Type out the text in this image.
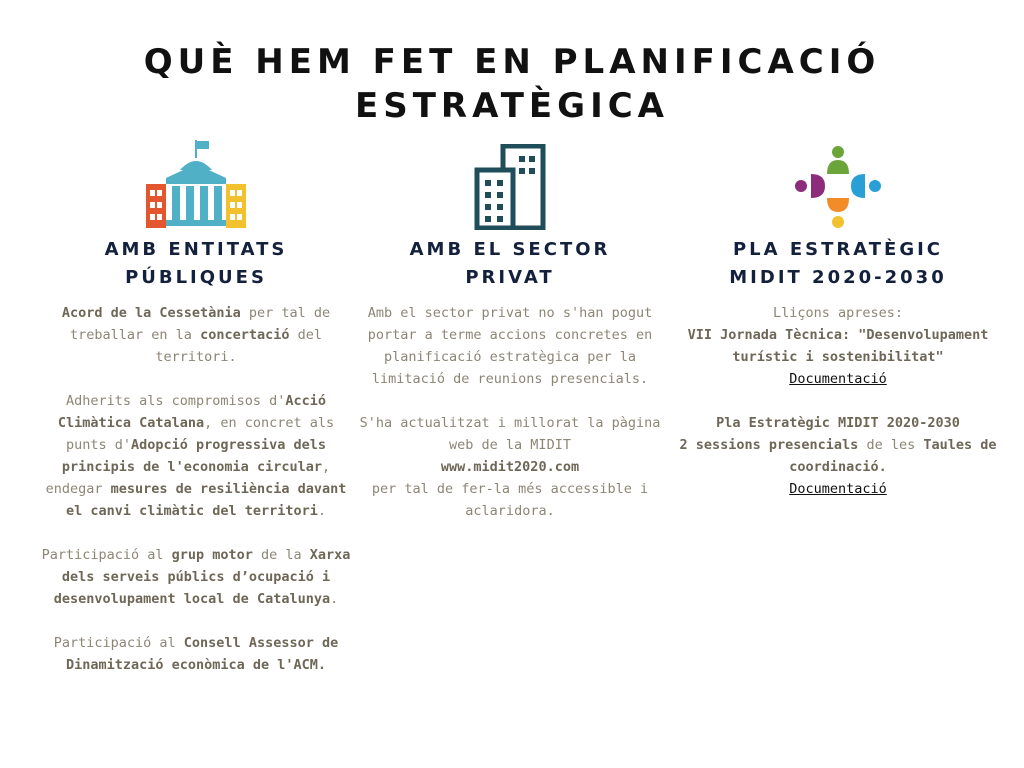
QUÈ HEM FET EN PLANIFICACIÓ
ESTRATÈGICA
AMB ENTITATS
PÚBLIQUES

Acord de la Cessetània per tal de treballar en la concertació del territori.

Adherits als compromisos d'Acció Climàtica Catalana, en concret als punts d'Adopció progressiva dels principis de l'economia circular, endegar mesures de resiliència davant el canvi climàtic del territori.

Participació al grup motor de la Xarxa dels serveis públics d’ocupació i desenvolupament local de Catalunya.

Participació al Consell Assessor de Dinamització econòmica de l'ACM.

AMB EL SECTOR
PRIVAT

Amb el sector privat no s'han pogut portar a terme accions concretes en planificació estratègica per la limitació de reunions presencials.

S'ha actualitzat i millorat la pàgina web de la MIDIT
www.midit2020.com
per tal de fer-la més accessible i aclaridora.

PLA ESTRATÈGIC
MIDIT 2020-2030

Lliçons apreses:
VII Jornada Tècnica: "Desenvolupament turístic i sostenibilitat"
Documentació

Pla Estratègic MIDIT 2020-2030
2 sessions presencials de les Taules de coordinació.
Documentació
